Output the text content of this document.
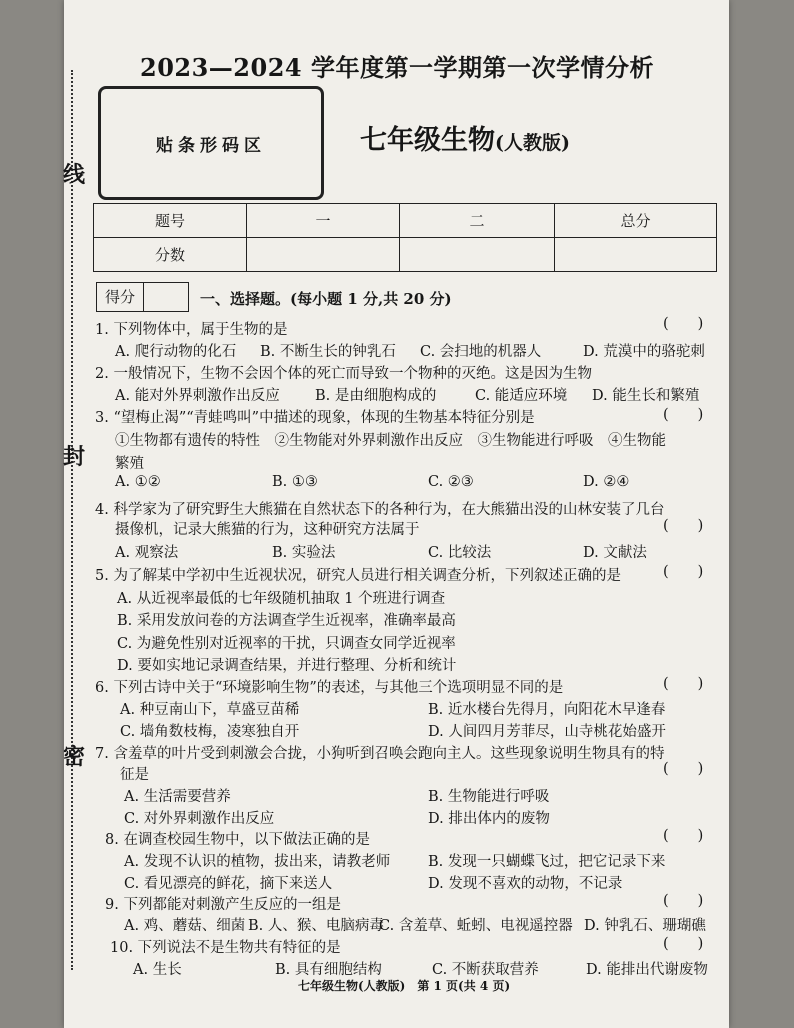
线
封
密
2023—2024 学年度第一学期第一次学情分析
贴条形码区	七年级生物(人教版)
题号	一	二	总分
分数			
得分	一、选择题。(每小题 1 分,共 20 分)
1. 下列物体中，属于生物的是	(　　)
A. 爬行动物的化石 B. 不断生长的钟乳石 C. 会扫地的机器人	D. 荒漠中的骆驼刺
2. 一般情况下，生物不会因个体的死亡而导致一个物种的灭绝。这是因为生物
A. 能对外界刺激作出反应 B. 是由细胞构成的	C. 能适应环境 D. 能生长和繁殖
3. “望梅止渴”“青蛙鸣叫”中描述的现象，体现的生物基本特征分别是	(　　)
①生物都有遗传的特性　②生物能对外界刺激作出反应　③生物能进行呼吸　④生物能
繁殖
A. ①②	B. ①③	C. ②③	D. ②④
4. 科学家为了研究野生大熊猫在自然状态下的各种行为，在大熊猫出没的山林安装了几台
摄像机，记录大熊猫的行为，这种研究方法属于	(　　)
A. 观察法	B. 实验法	C. 比较法	D. 文献法
5. 为了解某中学初中生近视状况，研究人员进行相关调查分析，下列叙述正确的是	(　　)
A. 从近视率最低的七年级随机抽取 1 个班进行调查
B. 采用发放问卷的方法调查学生近视率，准确率最高
C. 为避免性别对近视率的干扰，只调查女同学近视率
D. 要如实地记录调查结果，并进行整理、分析和统计
6. 下列古诗中关于“环境影响生物”的表述，与其他三个选项明显不同的是	(　　)
A. 种豆南山下，草盛豆苗稀	B. 近水楼台先得月，向阳花木早逢春
C. 墙角数枝梅，凌寒独自开	D. 人间四月芳菲尽，山寺桃花始盛开
7. 含羞草的叶片受到刺激会合拢，小狗听到召唤会跑向主人。这些现象说明生物具有的特
征是	(　　)
A. 生活需要营养	B. 生物能进行呼吸
C. 对外界刺激作出反应	D. 排出体内的废物
8. 在调查校园生物中，以下做法正确的是	(　　)
A. 发现不认识的植物，拔出来，请教老师	B. 发现一只蝴蝶飞过，把它记录下来
C. 看见漂亮的鲜花，摘下来送人	D. 发现不喜欢的动物，不记录
9. 下列都能对刺激产生反应的一组是	(　　)
A. 鸡、蘑菇、细菌 B. 人、猴、电脑病毒
C. 含羞草、蚯蚓、电视遥控器 D. 钟乳石、珊瑚礁
10. 下列说法不是生物共有特征的是	(　　)
A. 生长	B. 具有细胞结构	C. 不断获取营养	D. 能排出代谢废物
七年级生物(人教版)　第 1 页(共 4 页)
